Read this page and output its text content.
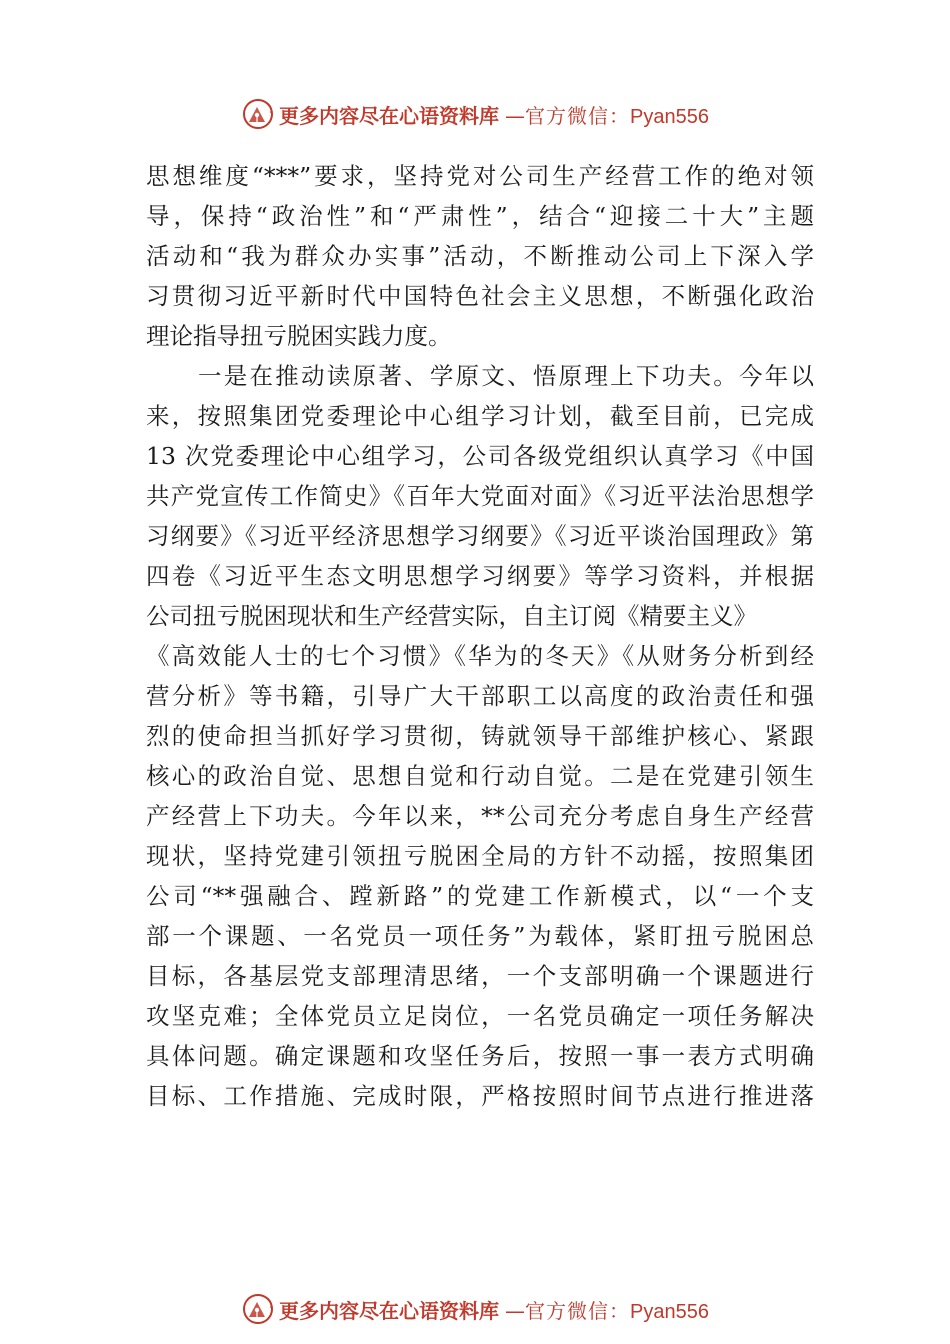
更多内容尽在心语资料库 — 官方微信： Pyan556
思想维度“***”要求，坚持党对公司生产经营工作的绝对领
导，保持“政治性”和“严肃性”，结合“迎接二十大”主题
活动和“我为群众办实事”活动，不断推动公司上下深入学
习贯彻习近平新时代中国特色社会主义思想，不断强化政治
理论指导扭亏脱困实践力度。
一是在推动读原著、学原文、悟原理上下功夫。今年以
来，按照集团党委理论中心组学习计划，截至目前，已完成
13 次党委理论中心组学习，公司各级党组织认真学习《中国
共产党宣传工作简史》《百年大党面对面》《习近平法治思想学
习纲要》《习近平经济思想学习纲要》《习近平谈治国理政》第
四卷《习近平生态文明思想学习纲要》等学习资料，并根据
公司扭亏脱困现状和生产经营实际，自主订阅《精要主义》
《高效能人士的七个习惯》《华为的冬天》《从财务分析到经
营分析》等书籍，引导广大干部职工以高度的政治责任和强
烈的使命担当抓好学习贯彻，铸就领导干部维护核心、紧跟
核心的政治自觉、思想自觉和行动自觉。二是在党建引领生
产经营上下功夫。今年以来，**公司充分考虑自身生产经营
现状，坚持党建引领扭亏脱困全局的方针不动摇，按照集团
公司“**强融合、蹚新路”的党建工作新模式，以“一个支
部一个课题、一名党员一项任务”为载体，紧盯扭亏脱困总
目标，各基层党支部理清思绪，一个支部明确一个课题进行
攻坚克难；全体党员立足岗位，一名党员确定一项任务解决
具体问题。确定课题和攻坚任务后，按照一事一表方式明确
目标、工作措施、完成时限，严格按照时间节点进行推进落
更多内容尽在心语资料库 — 官方微信： Pyan556
